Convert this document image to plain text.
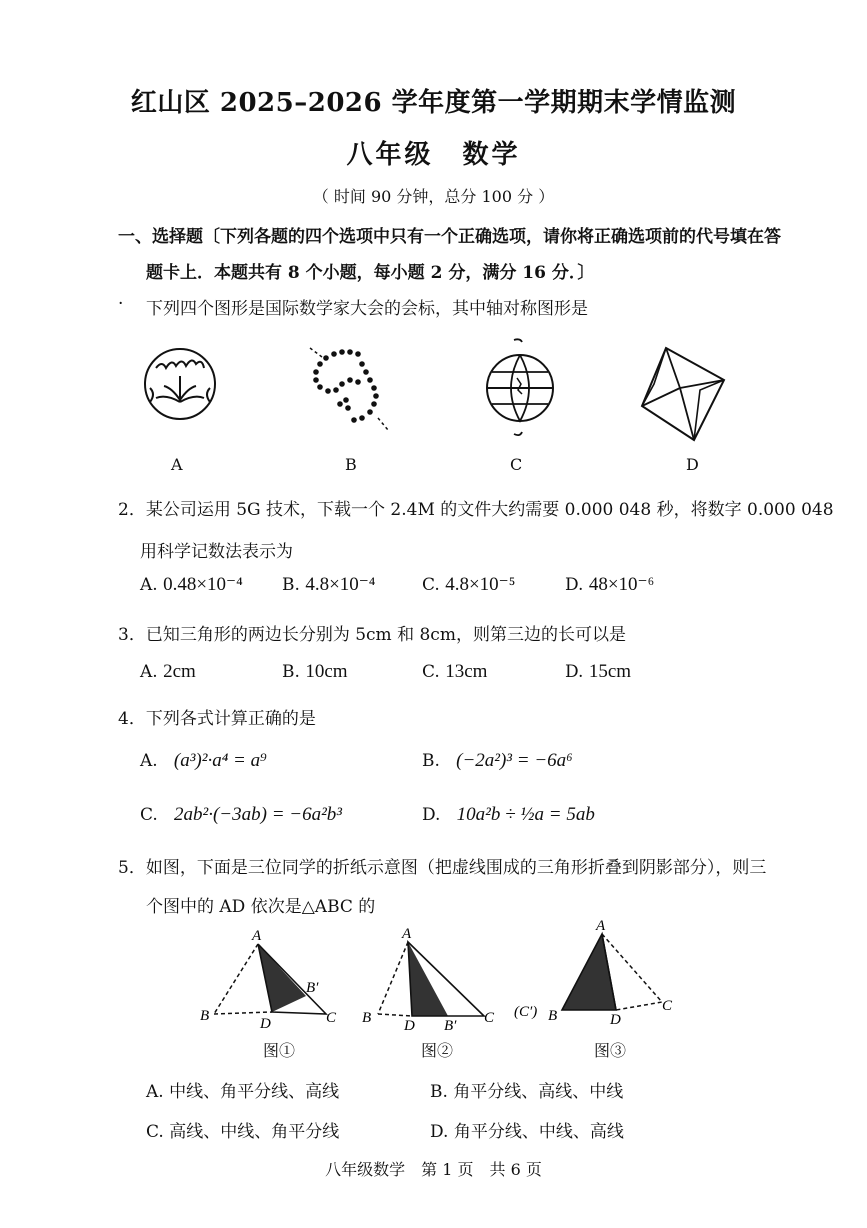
红山区 2025–2026 学年度第一学期期末学情监测
八年级　数学
（ 时间 90 分钟，总分 100 分 ）
一、选择题〔下列各题的四个选项中只有一个正确选项，请你将正确选项前的代号填在答
题卡上．本题共有 8 个小题，每小题 2 分，满分 16 分．〕
· 下列四个图形是国际数学家大会的会标，其中轴对称图形是
A	B	C	D
2．某公司运用 5G 技术，下载一个 2.4M 的文件大约需要 0.000 048 秒，将数字 0.000 048
用科学记数法表示为
A. 0.48×10⁻⁴ B. 4.8×10⁻⁴	C. 4.8×10⁻⁵	D. 48×10⁻⁶
3．已知三角形的两边长分别为 5cm 和 8cm，则第三边的长可以是
A. 2cm	B. 10cm	C. 13cm	D. 15cm
4．下列各式计算正确的是
A. (a³)²·a⁴ = a⁹	B. (−2a²)³ = −6a⁶
C. 2ab²·(−3ab) = −6a²b³	D. 10a²b ÷ ½a = 5ab
5．如图，下面是三位同学的折纸示意图（把虚线围成的三角形折叠到阴影部分），则三
个图中的 AD 依次是△ABC 的
A
B	D	C
B′
A
B D B′ C
A
(C′) B	D
C
图①	图②	图③
A. 中线、角平分线、高线	B. 角平分线、高线、中线
C. 高线、中线、角平分线	D. 角平分线、中线、高线
八年级数学　第 1 页　共 6 页
